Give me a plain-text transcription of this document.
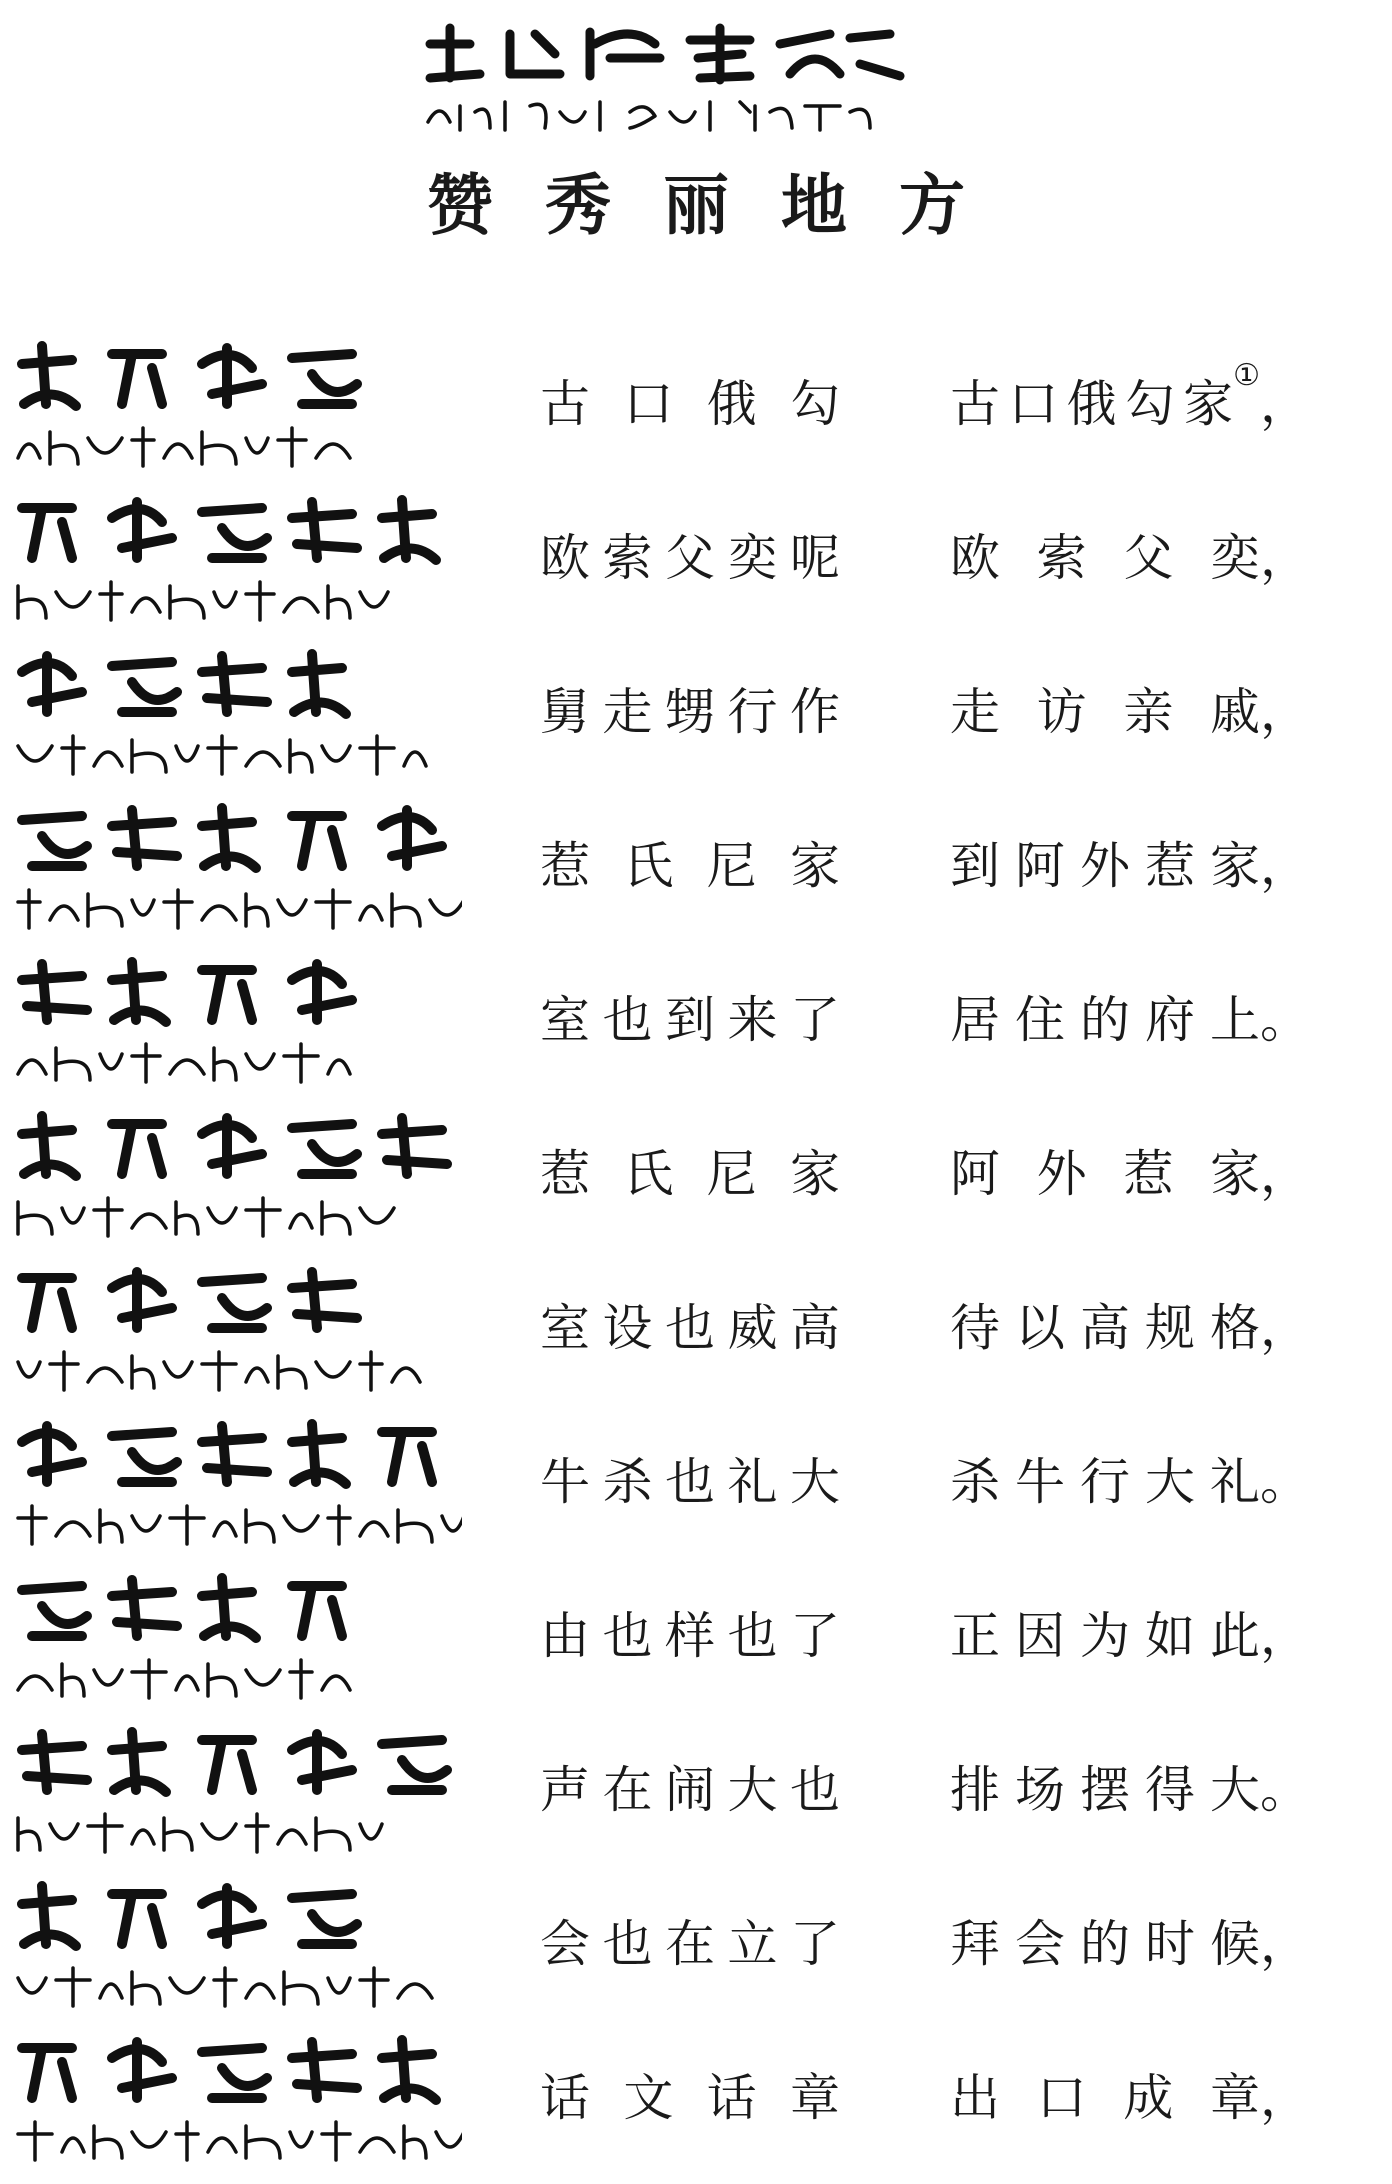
赞秀丽地方
古 口 俄 勾 古 口 俄 勾 家①，
欧 索 父 奕 呢 欧 索 父 奕，
舅 走 甥 行 作 走 访 亲 戚，
惹 氏 尼 家 到 阿 外 惹 家，
室 也 到 来 了 居 住 的 府 上。
惹 氏 尼 家 阿 外 惹 家，
室 设 也 威 高 待 以 高 规 格，
牛 杀 也 礼 大 杀 牛 行 大 礼。
由 也 样 也 了 正 因 为 如 此，
声 在 闹 大 也 排 场 摆 得 大。
会 也 在 立 了 拜 会 的 时 候，
话 文 话 章 出 口 成 章，
